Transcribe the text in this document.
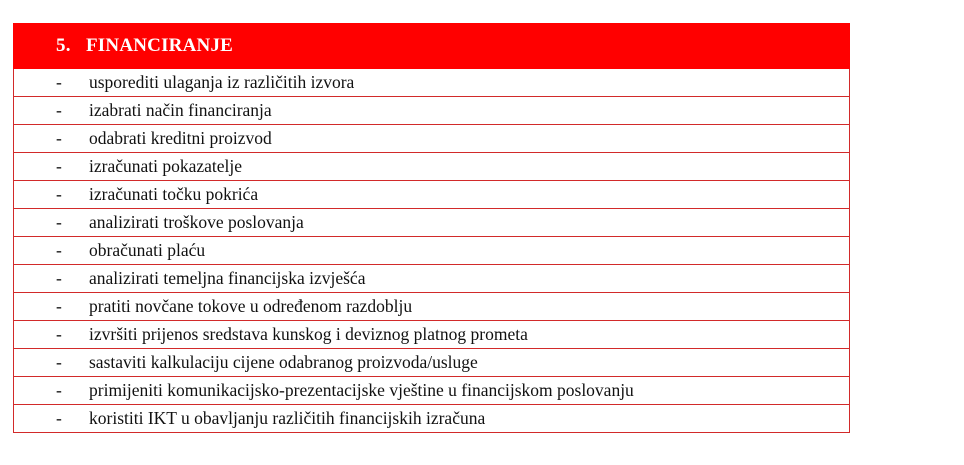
5. FINANCIRANJE
- usporediti ulaganja iz različitih izvora
- izabrati način financiranja
- odabrati kreditni proizvod
- izračunati pokazatelje
- izračunati točku pokrića
- analizirati troškove poslovanja
- obračunati plaću
- analizirati temeljna financijska izvješća
- pratiti novčane tokove u određenom razdoblju
- izvršiti prijenos sredstava kunskog i deviznog platnog prometa
- sastaviti kalkulaciju cijene odabranog proizvoda/usluge
- primijeniti komunikacijsko-prezentacijske vještine u financijskom poslovanju
- koristiti IKT u obavljanju različitih financijskih izračuna
